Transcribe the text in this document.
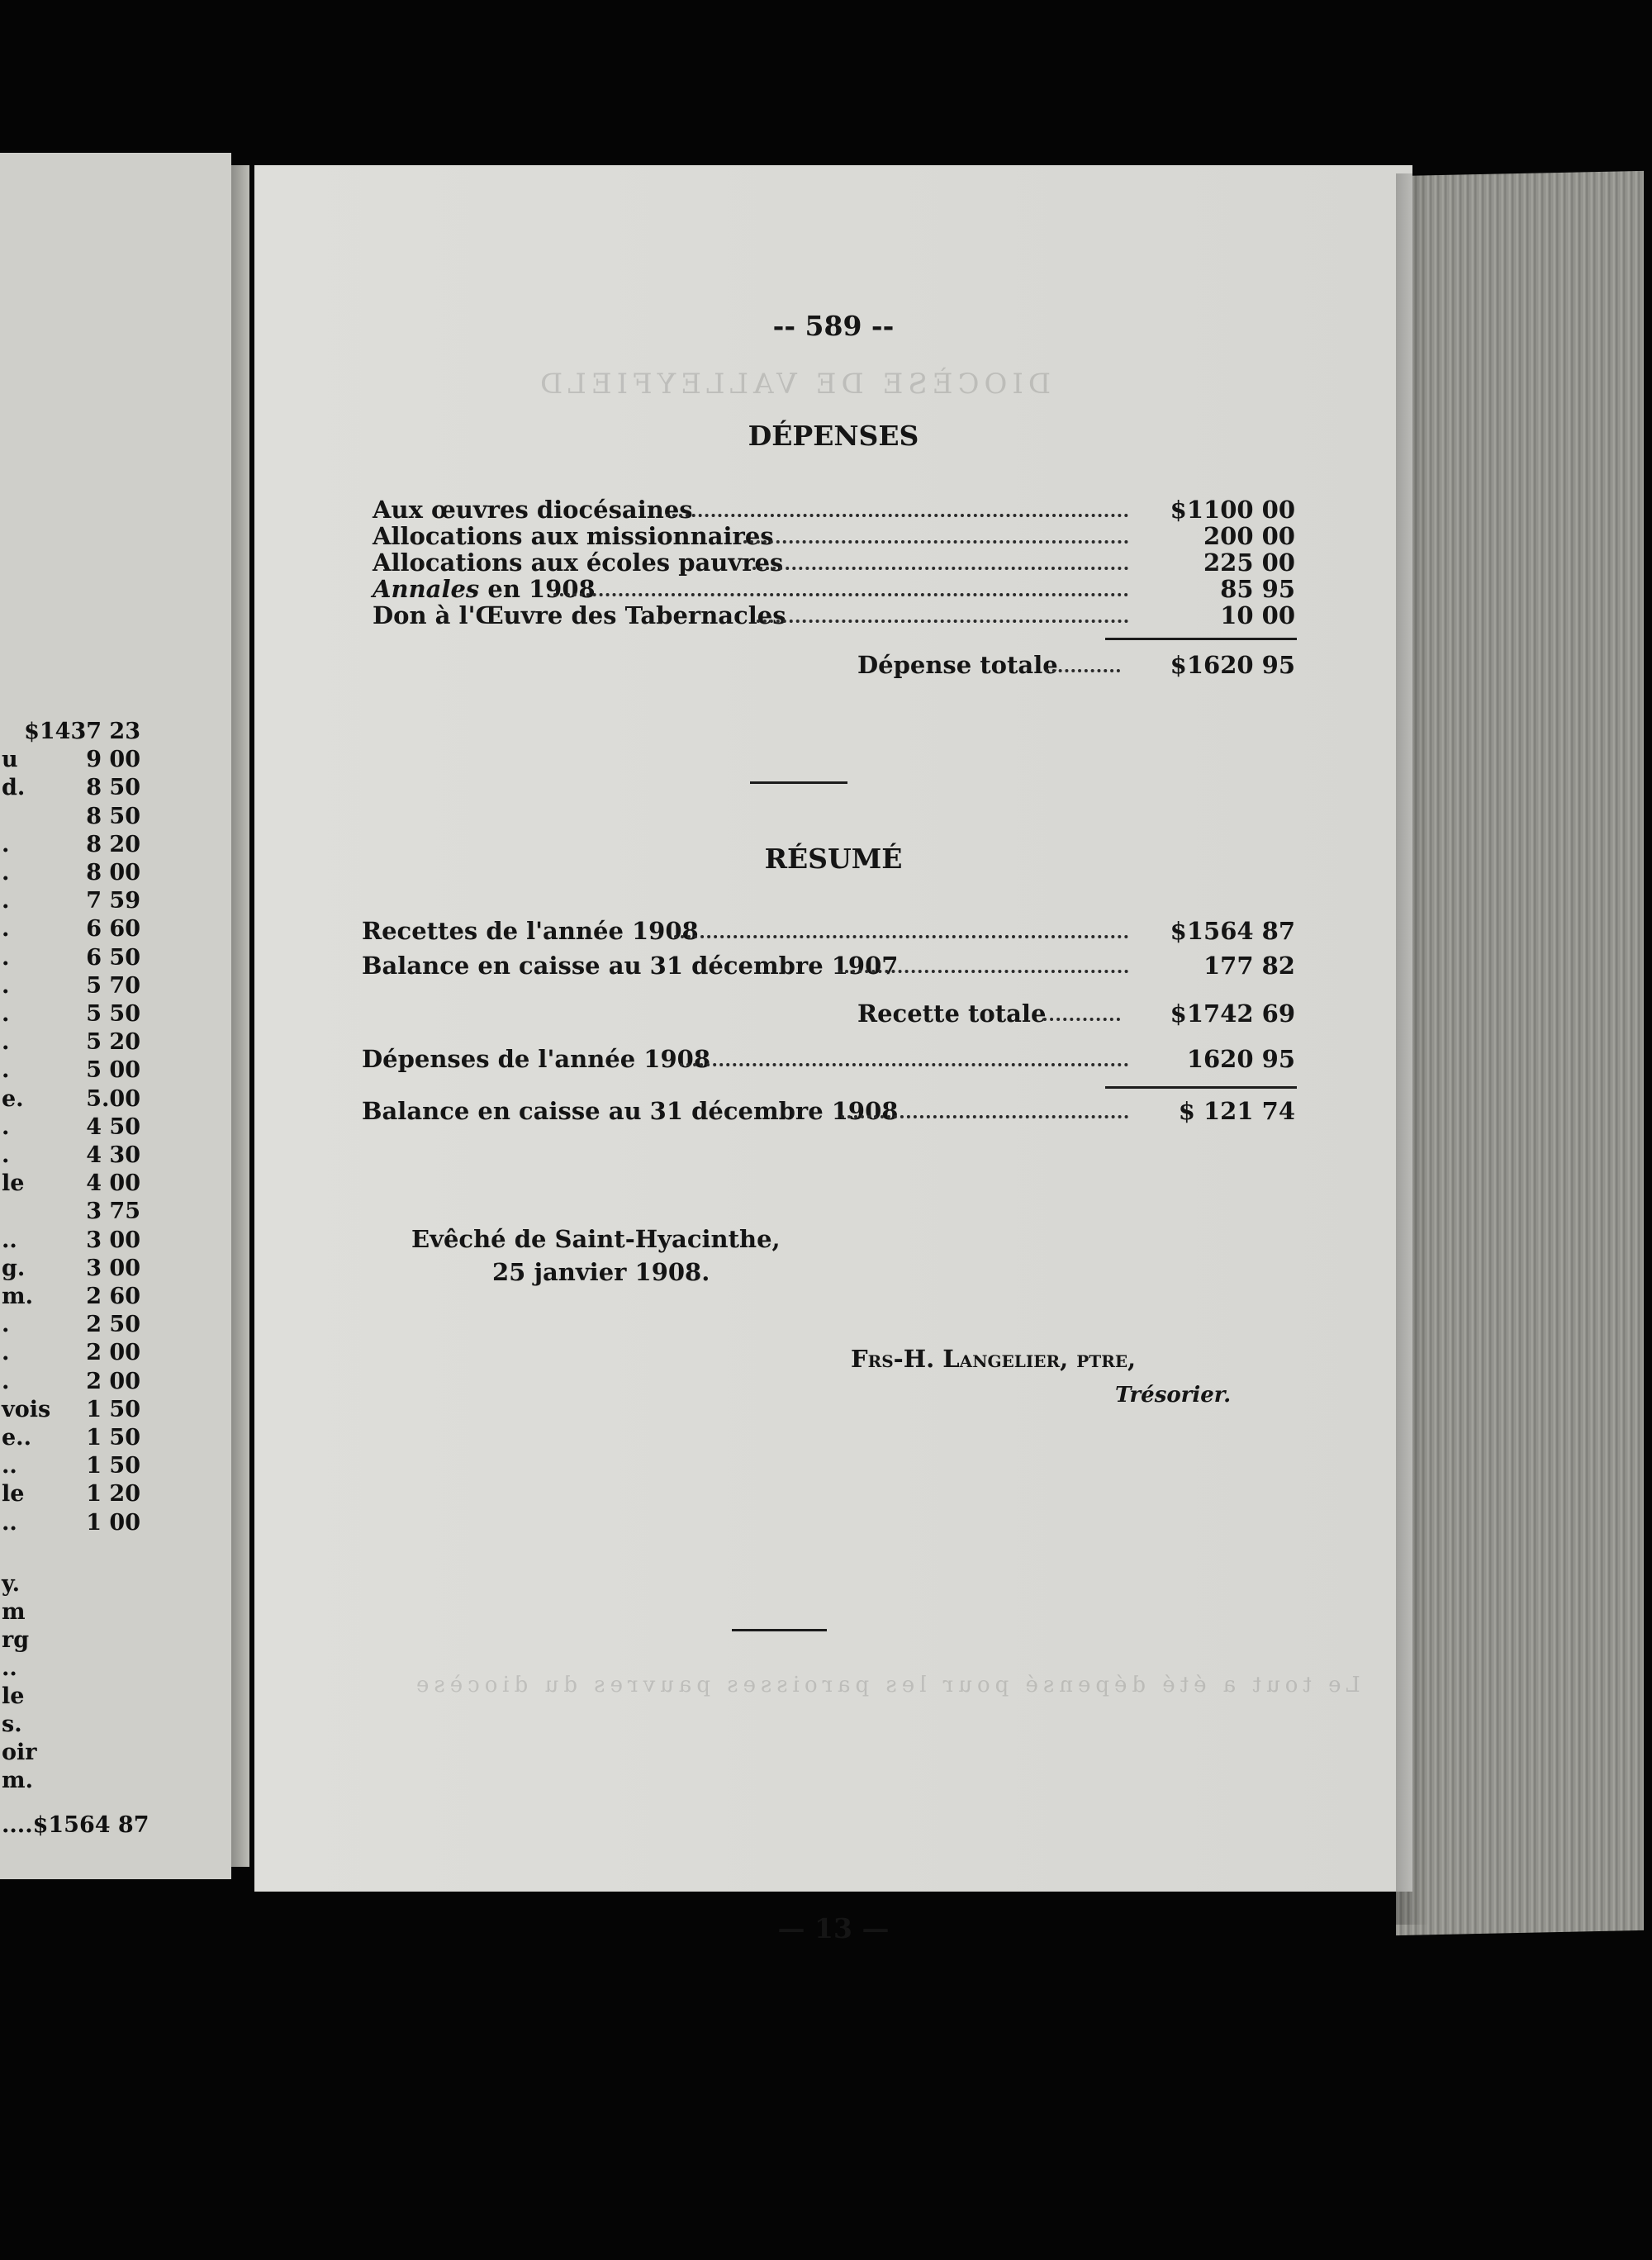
$1437 23
u	9 00
d.	8 50
8 50
.	8 20
.	8 00
.	7 59
.	6 60
.	6 50
.	5 70
.	5 50
.	5 20
.	5 00
e.	5.00
.	4 50
.	4 30
le	4 00
3 75
..	3 00
g.	3 00
m. 2 60
.	2 50
.	2 00
.	2 00
vois 1 50
e.. 1 50
..	1 50
le	1 20
..	1 00
y.
m
rg
..
le
s.
oir
m.
....$1564 87
DIOCÈSE DE VALLEYFIELD
-- 589 --
DÉPENSES
Aux œuvres diocésaines	$1100 00
Allocations aux missionnaires	200 00
Allocations aux écoles pauvres	225 00
Annales en 1908	85 95
Don à l'Œuvre des Tabernacles	10 00
Dépense totale	$1620 95
RÉSUMÉ
Recettes de l'année 1908	$1564 87
Balance en caisse au 31 décembre 1907	177 82
Recette totale	$1742 69
Dépenses de l'année 1908	1620 95
Balance en caisse au 31 décembre 1908	$ 121 74
Evêché de Saint-Hyacinthe,
25 janvier 1908.
Frs-H. Langelier, ptre,
Trésorier.
Le tout a été dépensé pour les paroisses pauvres du diocèse
— 13 —
